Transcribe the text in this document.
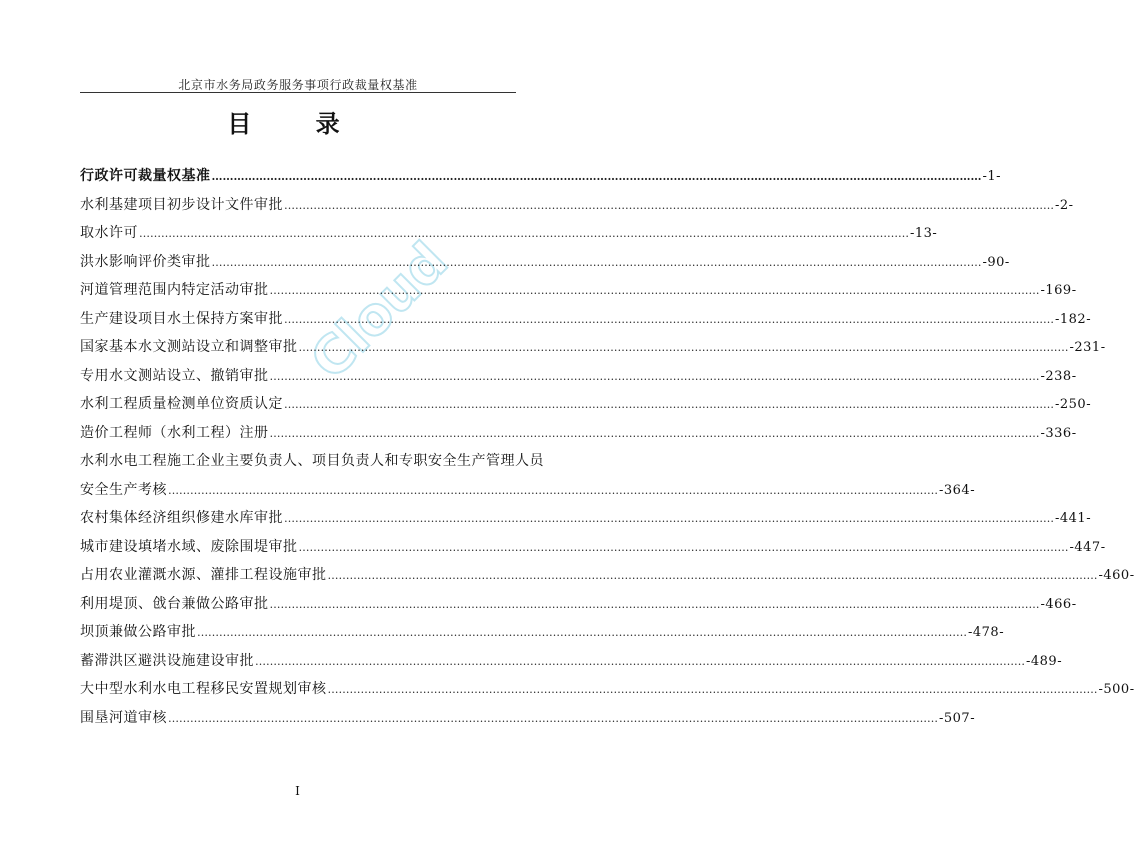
北京市水务局政务服务事项行政裁量权基准
目 录
Cloud
行政许可裁量权基准 …………………………………………………………………………………………………………………………………………………………………………………………	-1-
水利基建项目初步设计文件审批 …………………………………………………………………………………………………………………………………………………………………………………………	-2-
取水许可 …………………………………………………………………………………………………………………………………………………………………………………………	-13-
洪水影响评价类审批 …………………………………………………………………………………………………………………………………………………………………………………………	-90-
河道管理范围内特定活动审批 …………………………………………………………………………………………………………………………………………………………………………………………	-169-
生产建设项目水土保持方案审批 …………………………………………………………………………………………………………………………………………………………………………………………	-182-
国家基本水文测站设立和调整审批 …………………………………………………………………………………………………………………………………………………………………………………………	-231-
专用水文测站设立、撤销审批 …………………………………………………………………………………………………………………………………………………………………………………………	-238-
水利工程质量检测单位资质认定 …………………………………………………………………………………………………………………………………………………………………………………………	-250-
造价工程师（水利工程）注册 …………………………………………………………………………………………………………………………………………………………………………………………	-336-
水利水电工程施工企业主要负责人、项目负责人和专职安全生产管理人员
安全生产考核 …………………………………………………………………………………………………………………………………………………………………………………………	-364-
农村集体经济组织修建水库审批 …………………………………………………………………………………………………………………………………………………………………………………………	-441-
城市建设填堵水域、废除围堤审批 …………………………………………………………………………………………………………………………………………………………………………………………	-447-
占用农业灌溉水源、灌排工程设施审批 …………………………………………………………………………………………………………………………………………………………………………………………	-460-
利用堤顶、戗台兼做公路审批 …………………………………………………………………………………………………………………………………………………………………………………………	-466-
坝顶兼做公路审批 …………………………………………………………………………………………………………………………………………………………………………………………	-478-
蓄滞洪区避洪设施建设审批 …………………………………………………………………………………………………………………………………………………………………………………………	-489-
大中型水利水电工程移民安置规划审核 …………………………………………………………………………………………………………………………………………………………………………………………	-500-
围垦河道审核 …………………………………………………………………………………………………………………………………………………………………………………………	-507-
I
